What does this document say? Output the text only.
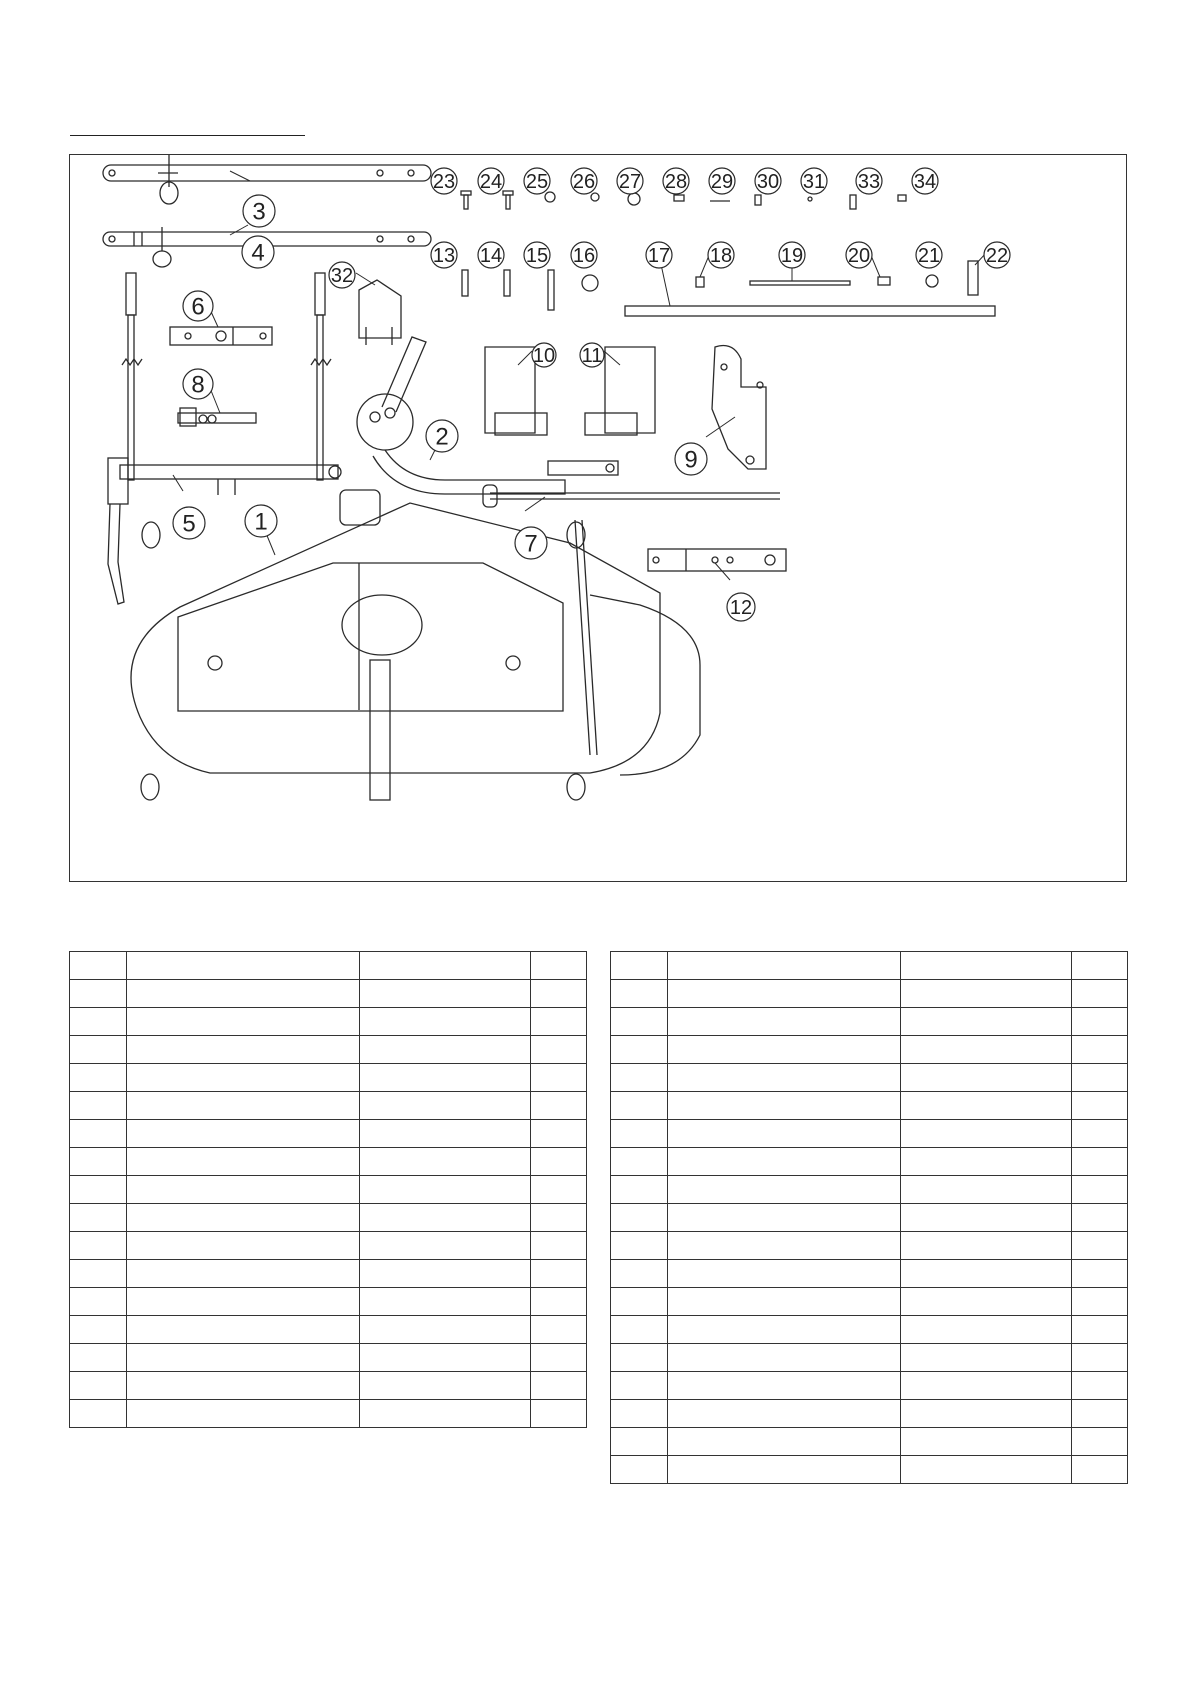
1
2
3
4
5
6
7
8
9
10 11
12
13 14 15 16	17 18 19 20 21 22
23 24 25 26 27 28 29 30 31
32
33 34
